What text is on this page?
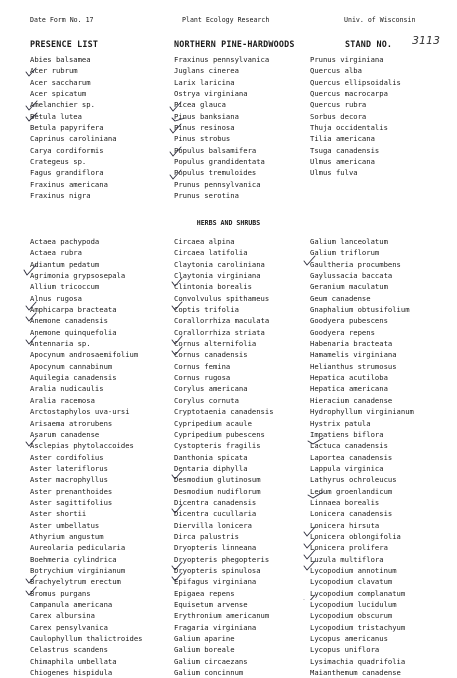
Date Form No. 17	Plant Ecology Research	Univ. of Wisconsin
PRESENCE LIST	NORTHERN PINE-HARDWOODS	STAND NO. 3113
Abies balsamea
Acer rubrum
Acer saccharum
Acer spicatum
Amelanchier sp.
Betula lutea
Betula papyrifera
Caprinus caroliniana
Carya cordiformis
Crategeus sp.
Fagus grandiflora
Fraxinus americana
Fraxinus nigra
Fraxinus pennsylvanica
Juglans cinerea
Larix laricina
Ostrya virginiana
Picea glauca
Pinus banksiana
Pinus resinosa
Pinus strobus
Populus balsamifera
Populus grandidentata
Populus tremuloides
Prunus pennsylvanica
Prunus serotina
Prunus virginiana
Quercus alba
Quercus ellipsoidalis
Quercus macrocarpa
Quercus rubra
Sorbus decora
Thuja occidentalis
Tilia americana
Tsuga canadensis
Ulmus americana
Ulmus fulva
HERBS AND SHRUBS
Actaea pachypoda
Actaea rubra
Adiantum pedatum
Agrimonia grypsosepala
Allium tricoccum
Alnus rugosa
Amphicarpa bracteata
Anemone canadensis
Anemone quinquefolia
Antennaria sp.
Apocynum androsaemifolium
Apocynum cannabinum
Aquilegia canadensis
Aralia nudicaulis
Aralia racemosa
Arctostaphylos uva-ursi
Arisaema atrorubens
Asarum canadense
Asclepias phytolaccoides
Aster cordifolius
Aster lateriflorus
Aster macrophyllus
Aster prenanthoides
Aster sagittifolius
Aster shortii
Aster umbellatus
Athyrium angustum
Aureolaria pedicularia
Boehmeria cylindrica
Botrychium virginianum
Brachyelytrum erectum
Bromus purgans
Campanula americana
Carex albursina
Carex pensylvanica
Caulophyllum thalictroides
Celastrus scandens
Chimaphila umbellata
Chiogenes hispidula
Circaea alpina
Circaea latifolia
Claytonia caroliniana
Claytonia virginiana
Clintonia borealis
Convolvulus spithameus
Coptis trifolia
Corallorrhiza maculata
Corallorrhiza striata
Cornus alternifolia
Cornus canadensis
Cornus femina
Cornus rugosa
Corylus americana
Corylus cornuta
Cryptotaenia canadensis
Cypripedium acaule
Cypripedium pubescens
Cystopteris fragilis
Danthonia spicata
Dentaria diphylla
Desmodium glutinosum
Desmodium nudiflorum
Dicentra canadensis
Dicentra cucullaria
Diervilla lonicera
Dirca palustris
Dryopteris linneana
Dryopteris phegopteris
Dryopteris spinulosa
Epifagus virginiana
Epigaea repens
Equisetum arvense
Erythronium americanum
Fragaria virginiana
Galium aparine
Galium boreale
Galium circaezans
Galium concinnum
Galium lanceolatum
Galium triflorum
Gaultheria procumbens
Gaylussacia baccata
Geranium maculatum
Geum canadense
Gnaphalium obtusifolium
Goodyera pubescens
Goodyera repens
Habenaria bracteata
Hamamelis virginiana
Helianthus strumosus
Hepatica acutiloba
Hepatica americana
Hieracium canadense
Hydrophyllum virginianum
Hystrix patula
Impatiens biflora
Lactuca canadensis
Laportea canadensis
Lappula virginica
Lathyrus ochroleucus
Ledum groenlandicum
Linnaea borealis
Lonicera canadensis
Lonicera hirsuta
Lonicera oblongifolia
Lonicera prolifera
Luzula multiflora
Lycopodium annotinum
Lycopodium clavatum
Lycopodium complanatum
Lycopodium lucidulum
Lycopodium obscurum
Lycopodium tristachyum
Lycopus americanus
Lycopus uniflora
Lysimachia quadrifolia
Maianthemum canadense
